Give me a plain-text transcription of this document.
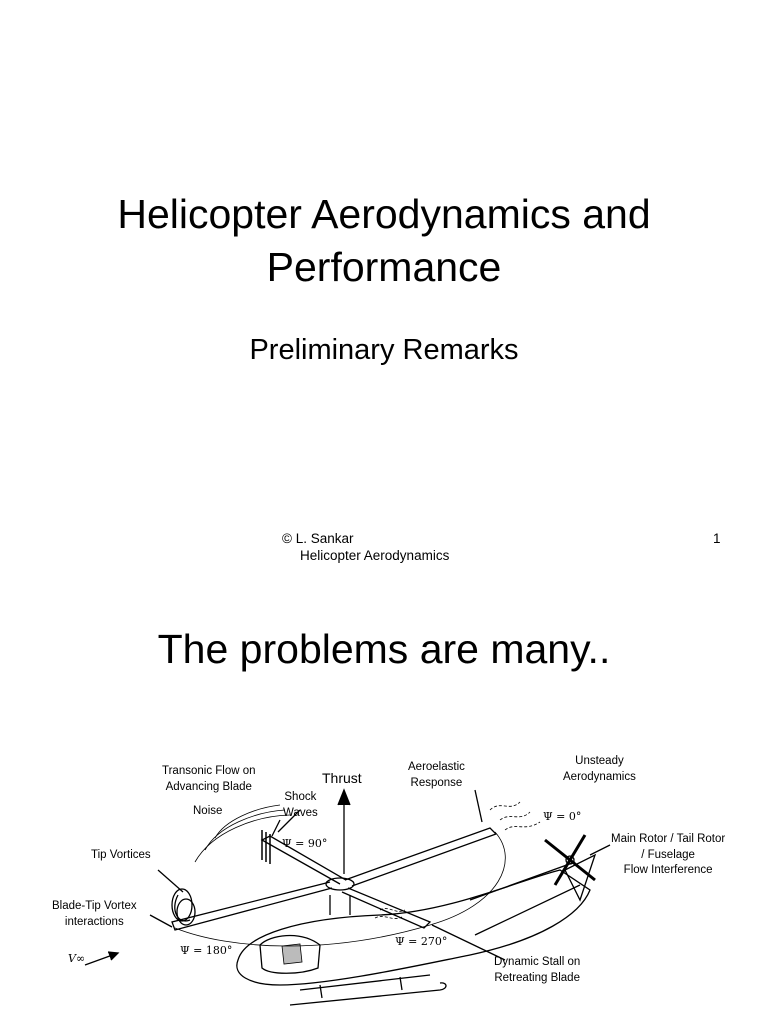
Helicopter Aerodynamics and
Performance
Preliminary Remarks
© L. Sankar
Helicopter Aerodynamics
1
The problems are many..
Ψ = 90°
Ψ = 0°
Ψ = 180°
Ψ = 270°
V∞
Transonic Flow on
Advancing Blade
Noise
Shock
Waves
Thrust
Aeroelastic
Response
Unsteady
Aerodynamics
Tip Vortices
Blade-Tip Vortex
interactions
Main Rotor / Tail Rotor
/ Fuselage
Flow Interference
Dynamic Stall on
Retreating Blade
